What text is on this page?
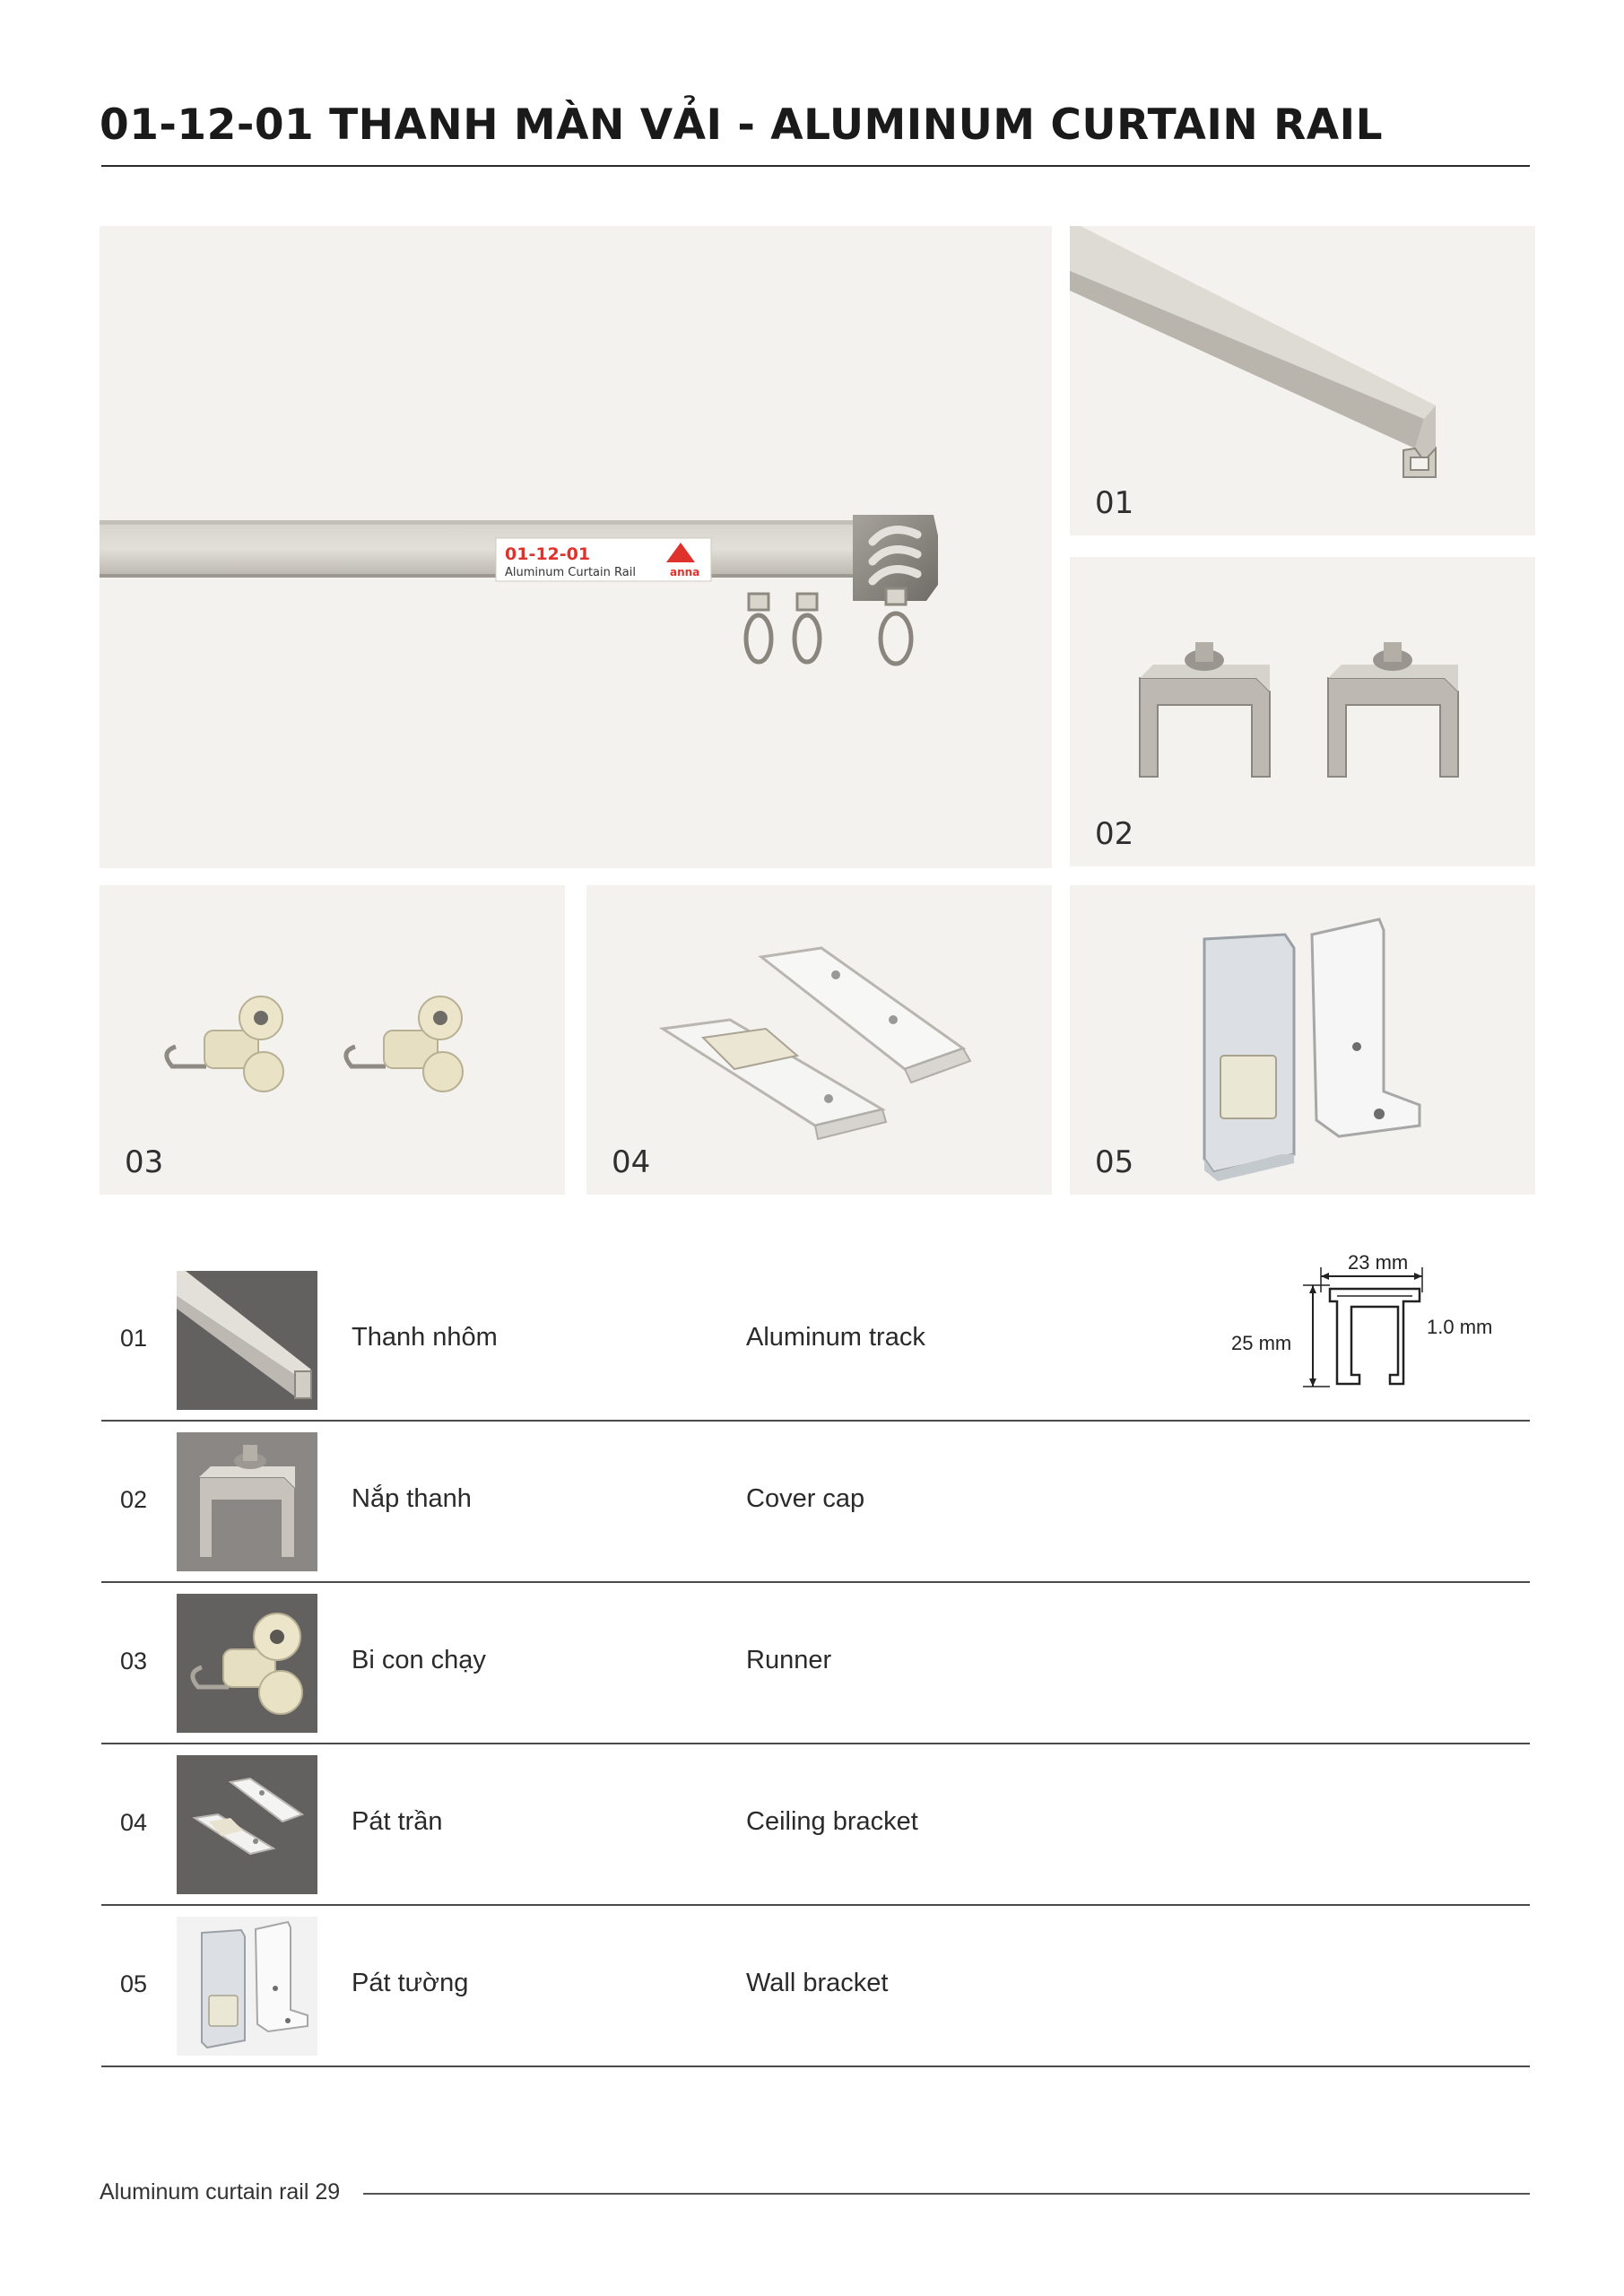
01-12-01 THANH MÀN VẢI - ALUMINUM CURTAIN RAIL
01-12-01
Aluminum Curtain Rail	anna
01
02
03	04	05
01	Thanh nhôm	Aluminum track
23 mm
25 mm
1.0 mm
02	Nắp thanh	Cover cap
03	Bi con chạy	Runner
04	Pát trần	Ceiling bracket
05	Pát tường	Wall bracket
Aluminum curtain rail 29
